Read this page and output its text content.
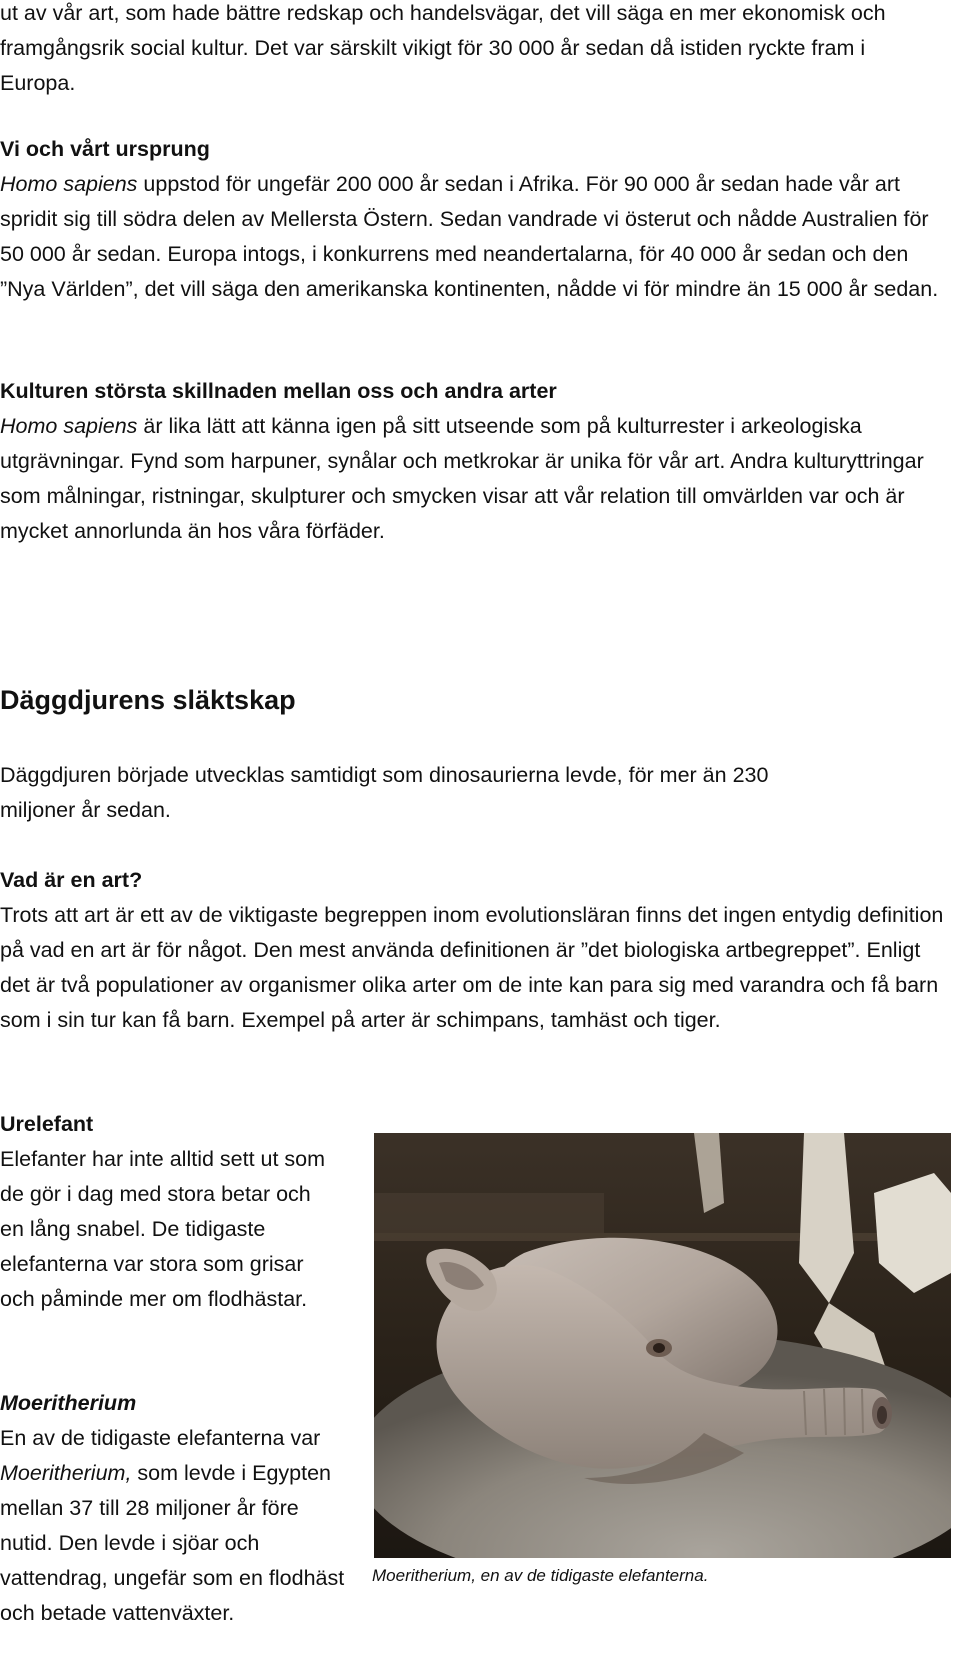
ut av vår art, som hade bättre redskap och handelsvägar, det vill säga en mer ekonomisk och framgångsrik social kultur. Det var särskilt vikigt för 30 000 år sedan då istiden ryckte fram i Europa.

Vi och vårt ursprung

Homo sapiens uppstod för ungefär 200 000 år sedan i Afrika. För 90 000 år sedan hade vår art spridit sig till södra delen av Mellersta Östern. Sedan vandrade vi österut och nådde Australien för 50 000 år sedan. Europa intogs, i konkurrens med neandertalarna, för 40 000 år sedan och den ”Nya Världen”, det vill säga den amerikanska kontinenten, nådde vi för mindre än 15 000 år sedan.

Kulturen största skillnaden mellan oss och andra arter

Homo sapiens är lika lätt att känna igen på sitt utseende som på kulturrester i arkeologiska utgrävningar. Fynd som harpuner, synålar och metkrokar är unika för vår art. Andra kulturyttringar som målningar, ristningar, skulpturer och smycken visar att vår relation till omvärlden var och är mycket annorlunda än hos våra förfäder.

Däggdjurens släktskap

Däggdjuren började utvecklas samtidigt som dinosaurierna levde, för mer än 230 miljoner år sedan.

Vad är en art?

Trots att art är ett av de viktigaste begreppen inom evolutionsläran finns det ingen entydig definition på vad en art är för något. Den mest använda definitionen är ”det biologiska artbegreppet”. Enligt det är två populationer av organismer olika arter om de inte kan para sig med varandra och få barn som i sin tur kan få barn. Exempel på arter är schimpans, tamhäst och tiger.

Urelefant

Elefanter har inte alltid sett ut som de gör i dag med stora betar och en lång snabel. De tidigaste elefanterna var stora som grisar och påminde mer om flodhästar.

Moeritherium

En av de tidigaste elefanterna var Moeritherium, som levde i Egypten mellan 37 till 28 miljoner år före nutid. Den levde i sjöar och vattendrag, ungefär som en flodhäst och betade vattenväxter.

Moeritherium, en av de tidigaste elefanterna.
